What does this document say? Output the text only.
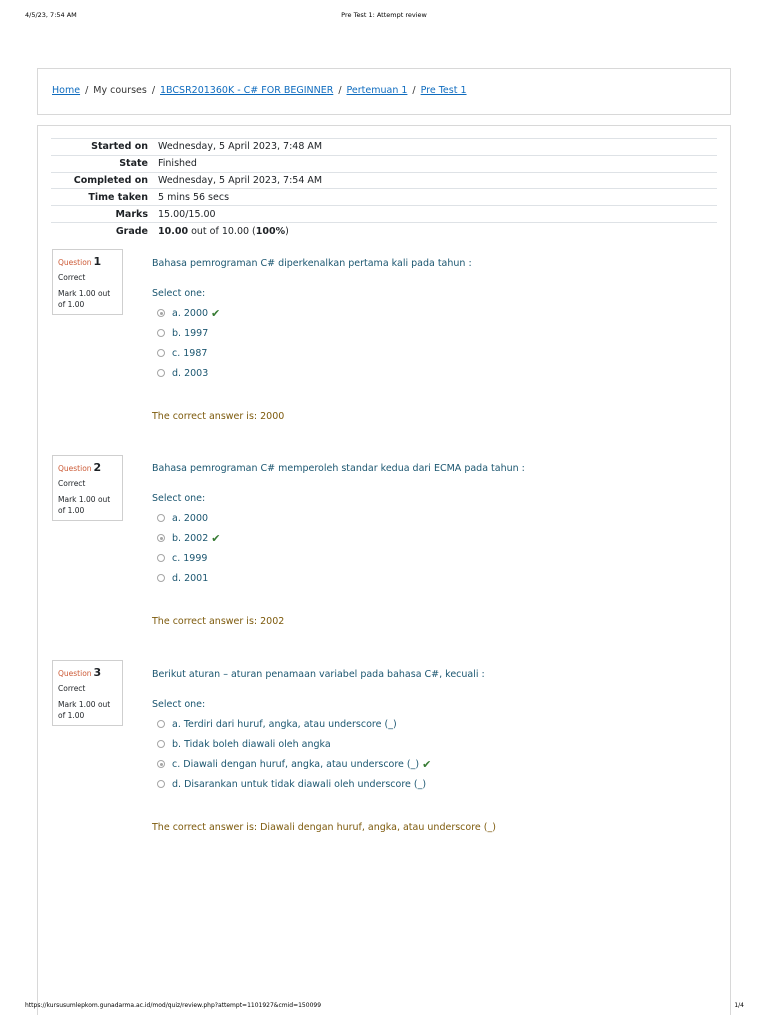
4/5/23, 7:54 AM	Pre Test 1: Attempt review
Home / My courses / 1BCSR201360K - C# FOR BEGINNER / Pertemuan 1 / Pre Test 1
Started on	Wednesday, 5 April 2023, 7:48 AM
State	Finished
Completed on	Wednesday, 5 April 2023, 7:54 AM
Time taken	5 mins 56 secs
Marks	15.00/15.00
Grade	10.00 out of 10.00 (100%)
Question 1
Correct
Mark 1.00 out of 1.00
Bahasa pemrograman C# diperkenalkan pertama kali pada tahun :
Select one:
a. 2000 ✔
b. 1997
c. 1987
d. 2003
The correct answer is: 2000
Question 2
Correct
Mark 1.00 out of 1.00
Bahasa pemrograman C# memperoleh standar kedua dari ECMA pada tahun :
Select one:
a. 2000
b. 2002 ✔
c. 1999
d. 2001
The correct answer is: 2002
Question 3
Correct
Mark 1.00 out of 1.00
Berikut aturan – aturan penamaan variabel pada bahasa C#, kecuali :
Select one:
a. Terdiri dari huruf, angka, atau underscore (_)
b. Tidak boleh diawali oleh angka
c. Diawali dengan huruf, angka, atau underscore (_) ✔
d. Disarankan untuk tidak diawali oleh underscore (_)
The correct answer is: Diawali dengan huruf, angka, atau underscore (_)
https://kursusumlepkom.gunadarma.ac.id/mod/quiz/review.php?attempt=1101927&cmid=150099	1/4
